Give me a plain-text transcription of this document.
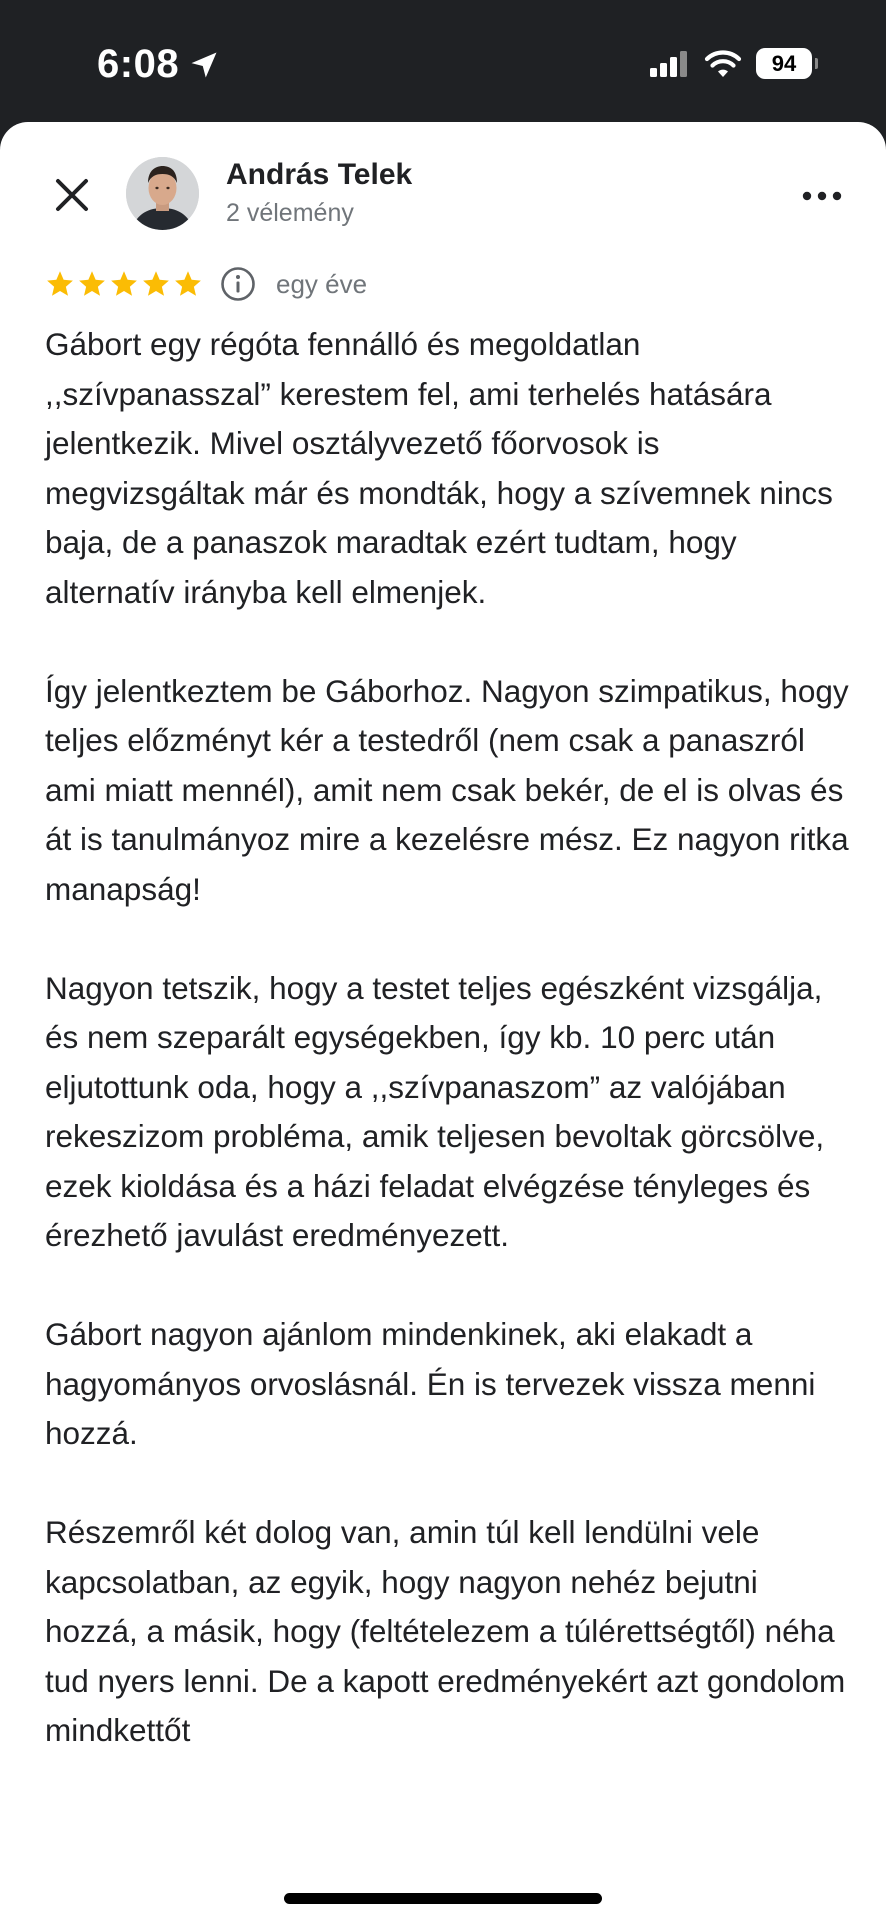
6:08	94
András Telek
2 vélemény
egy éve

Gábort egy régóta fennálló és megoldatlan ,,szívpanasszal” kerestem fel, ami terhelés hatására jelentkezik. Mivel osztályvezető főorvosok is megvizsgáltak már és mondták, hogy a szívemnek nincs baja, de a panaszok maradtak ezért tudtam, hogy alternatív irányba kell elmenjek.

Így jelentkeztem be Gáborhoz. Nagyon szimpatikus, hogy teljes előzményt kér a testedről (nem csak a panaszról ami miatt mennél), amit nem csak bekér, de el is olvas és át is tanulmányoz mire a kezelésre mész. Ez nagyon ritka manapság!

Nagyon tetszik, hogy a testet teljes egészként vizsgálja, és nem szeparált egységekben, így kb. 10 perc után eljutottunk oda, hogy a ,,szívpanaszom” az valójában rekeszizom probléma, amik teljesen bevoltak görcsölve, ezek kioldása és a házi feladat elvégzése tényleges és érezhető javulást eredményezett.

Gábort nagyon ajánlom mindenkinek, aki elakadt a hagyományos orvoslásnál. Én is tervezek vissza menni hozzá.

Részemről két dolog van, amin túl kell lendülni vele kapcsolatban, az egyik, hogy nagyon nehéz bejutni hozzá, a másik, hogy (feltételezem a túlérettségtől) néha tud nyers lenni. De a kapott eredményekért azt gondolom mindkettőt
